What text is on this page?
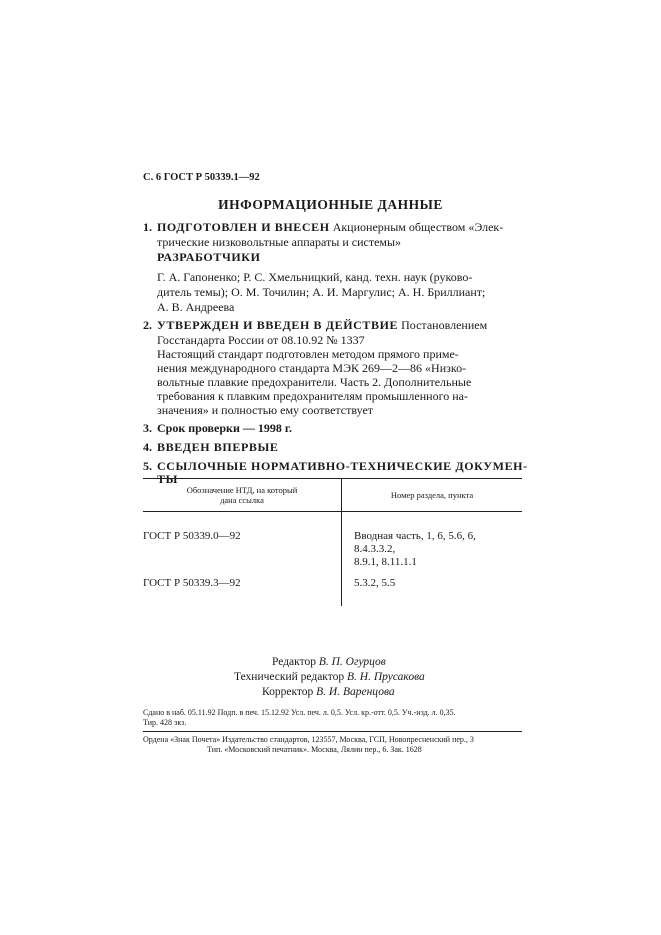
С. 6 ГОСТ Р 50339.1—92
ИНФОРМАЦИОННЫЕ ДАННЫЕ
1. ПОДГОТОВЛЕН И ВНЕСЕН Акционерным обществом «Элек-
трические низковольтные аппараты и системы»
РАЗРАБОТЧИКИ
Г. А. Гапоненко; Р. С. Хмельницкий, канд. техн. наук (руково-
дитель темы); О. М. Точилин; А. И. Маргулис; А. Н. Бриллиант;
А. В. Андреева
2. УТВЕРЖДЕН И ВВЕДЕН В ДЕЙСТВИЕ Постановлением
Госстандарта России от 08.10.92 № 1337
Настоящий стандарт подготовлен методом прямого приме-
нения международного стандарта МЭК 269—2—86 «Низко-
вольтные плавкие предохранители. Часть 2. Дополнительные
требования к плавким предохранителям промышленного на-
значения» и полностью ему соответствует
3. Срок проверки — 1998 г.
4. ВВЕДЕН ВПЕРВЫЕ
5. ССЫЛОЧНЫЕ НОРМАТИВНО-ТЕХНИЧЕСКИЕ ДОКУМЕН-
ТЫ
Обозначение НТД, на который
дана ссылка	Номер раздела, пункта
ГОСТ Р 50339.0—92	Вводная часть, 1, 6, 5.6, 6, 8.4.3.3.2,
8.9.1, 8.11.1.1
ГОСТ Р 50339.3—92	5.3.2, 5.5
Редактор В. П. Огурцов
Технический редактор В. Н. Прусакова
Корректор В. И. Варенцова
Сдано в наб. 05.11.92 Подп. в печ. 15.12.92 Усл. печ. л. 0,5. Усл. кр.-отт. 0,5. Уч.-изд. л. 0,35.
Тир. 428 экз.
Ордена «Знак Почета» Издательство стандартов, 123557, Москва, ГСП, Новопресненский пер., 3
Тип. «Московский печатник». Москва, Лялин пер., 6. Зак. 1628
